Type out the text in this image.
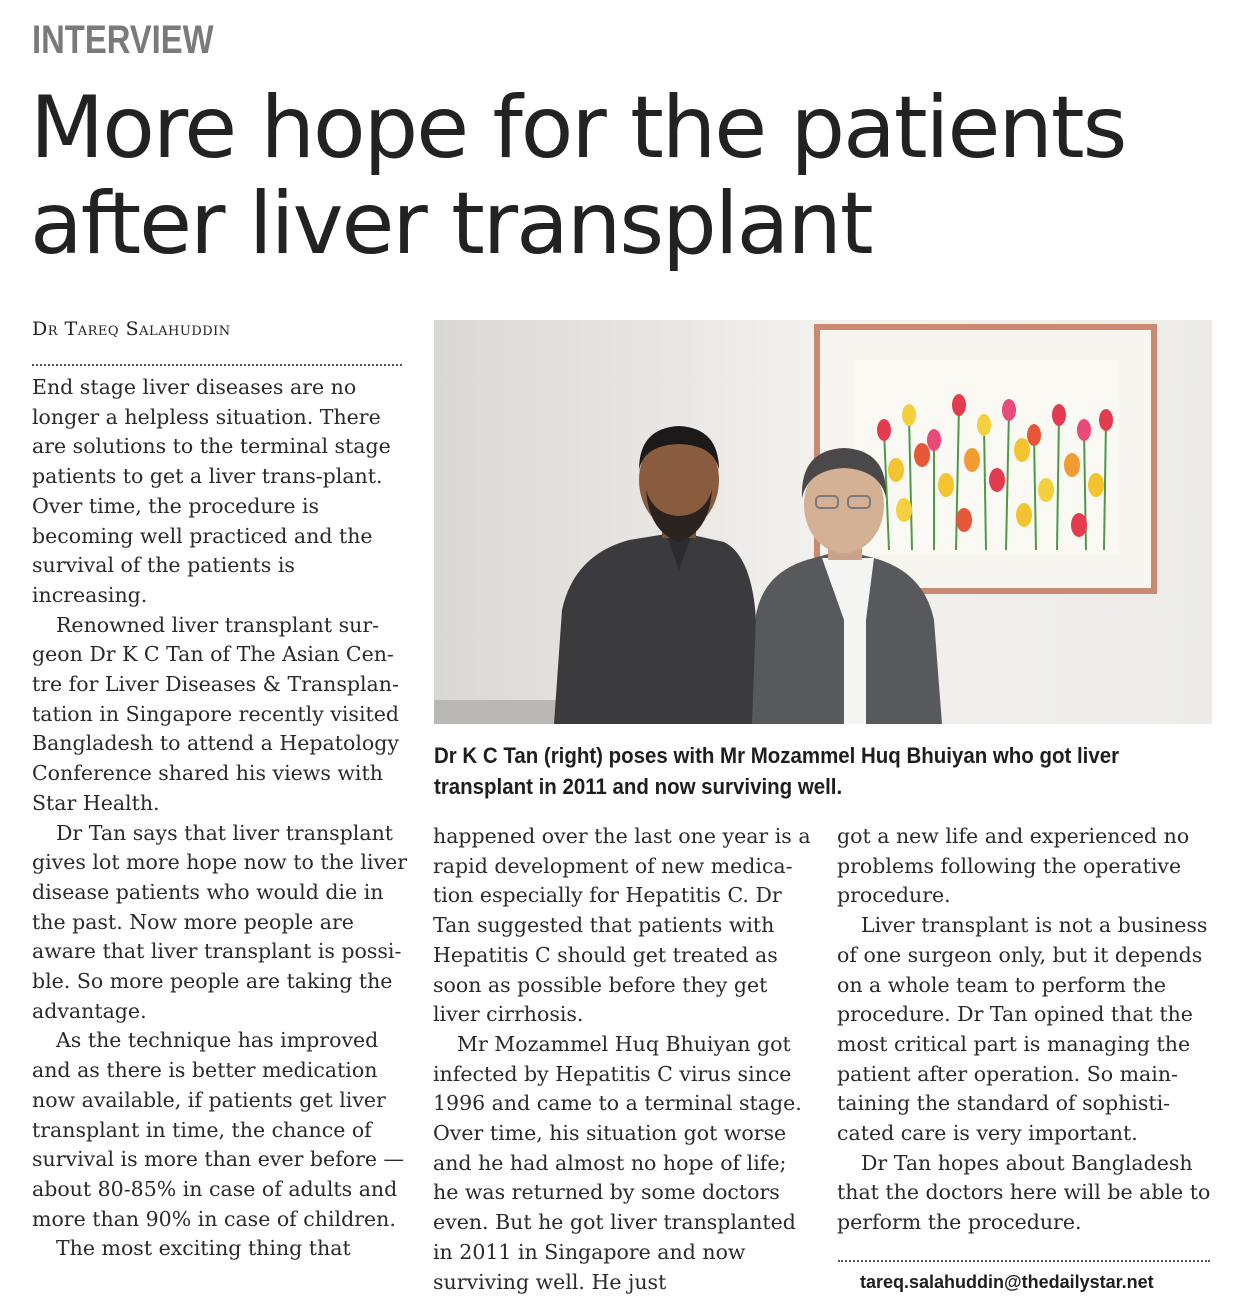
INTERVIEW
More hope for the patients
after liver transplant
Dr Tareq Salahuddin

End stage liver diseases are no longer a helpless situation. There are solutions to the terminal stage patients to get a liver trans-plant. Over time, the procedure is becoming well practiced and the survival of the patients is increasing.

Renowned liver transplant sur-geon Dr K C Tan of The Asian Cen-tre for Liver Diseases & Transplan-tation in Singapore recently visited Bangladesh to attend a Hepatology Conference shared his views with Star Health.

Dr Tan says that liver transplant gives lot more hope now to the liver disease patients who would die in the past. Now more people are aware that liver transplant is possi-ble. So more people are taking the advantage.

As the technique has improved and as there is better medication now available, if patients get liver transplant in time, the chance of survival is more than ever before — about 80-85% in case of adults and more than 90% in case of children.

The most exciting thing that

Dr K C Tan (right) poses with Mr Mozammel Huq Bhuiyan who got liver transplant in 2011 and now surviving well.

happened over the last one year is a rapid development of new medica-tion especially for Hepatitis C. Dr Tan suggested that patients with Hepatitis C should get treated as soon as possible before they get liver cirrhosis.

Mr Mozammel Huq Bhuiyan got infected by Hepatitis C virus since 1996 and came to a terminal stage. Over time, his situation got worse and he had almost no hope of life; he was returned by some doctors even. But he got liver transplanted in 2011 in Singapore and now surviving well. He just

got a new life and experienced no problems following the operative procedure.

Liver transplant is not a business of one surgeon only, but it depends on a whole team to perform the procedure. Dr Tan opined that the most critical part is managing the patient after operation. So main-taining the standard of sophisti-cated care is very important.

Dr Tan hopes about Bangladesh that the doctors here will be able to perform the procedure.

tareq.salahuddin@thedailystar.net
